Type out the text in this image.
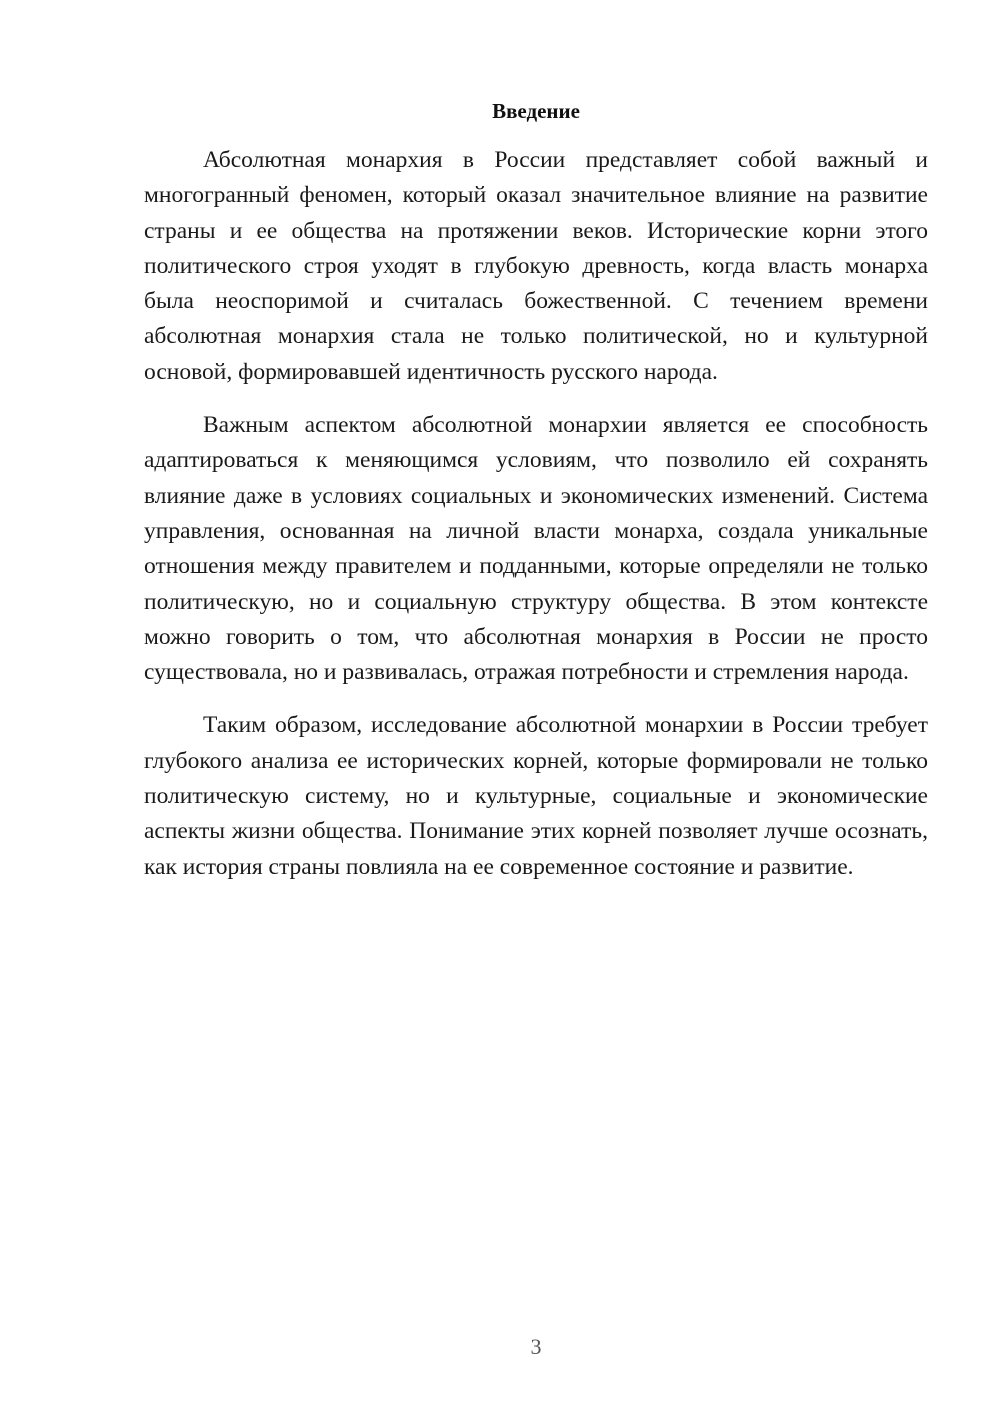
Введение

Абсолютная монархия в России представляет собой важный и многогранный феномен, который оказал значительное влияние на развитие страны и ее общества на протяжении веков. Исторические корни этого политического строя уходят в глубокую древность, когда власть монарха была неоспоримой и считалась божественной. С течением времени абсолютная монархия стала не только политической, но и культурной основой, формировавшей идентичность русского народа.

Важным аспектом абсолютной монархии является ее способность адаптироваться к меняющимся условиям, что позволило ей сохранять влияние даже в условиях социальных и экономических изменений. Система управления, основанная на личной власти монарха, создала уникальные отношения между правителем и подданными, которые определяли не только политическую, но и социальную структуру общества. В этом контексте можно говорить о том, что абсолютная монархия в России не просто существовала, но и развивалась, отражая потребности и стремления народа.

Таким образом, исследование абсолютной монархии в России требует глубокого анализа ее исторических корней, которые формировали не только политическую систему, но и культурные, социальные и экономические аспекты жизни общества. Понимание этих корней позволяет лучше осознать, как история страны повлияла на ее современное состояние и развитие.

3
